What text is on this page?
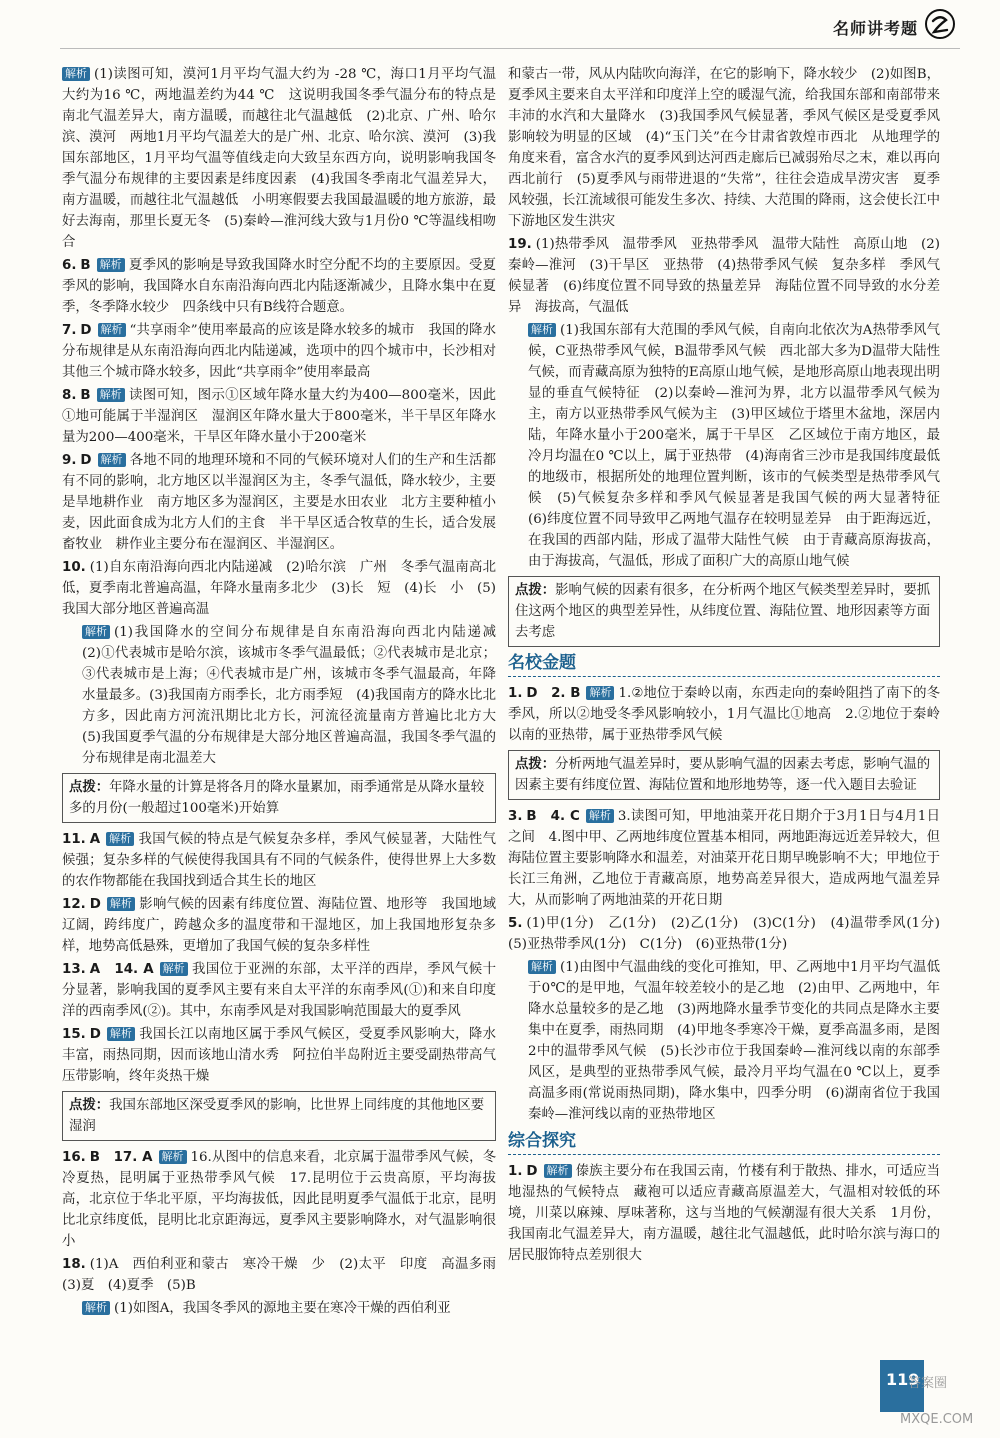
名师讲考题

解析 (1)读图可知，漠河1月平均气温大约为 -28 ℃，海口1月平均气温大约为16 ℃，两地温差约为44 ℃　这说明我国冬季气温分布的特点是南北气温差异大，南方温暖，而越往北气温越低　(2)北京、广州、哈尔滨、漠河　两地1月平均气温差大的是广州、北京、哈尔滨、漠河　(3)我国东部地区，1月平均气温等值线走向大致呈东西方向，说明影响我国冬季气温分布规律的主要因素是纬度因素　(4)我国冬季南北气温差异大，南方温暖，而越往北气温越低　小明寒假要去我国最温暖的地方旅游，最好去海南，那里长夏无冬　(5)秦岭—淮河线大致与1月份0 ℃等温线相吻合

6. B 解析 夏季风的影响是导致我国降水时空分配不均的主要原因。受夏季风的影响，我国降水自东南沿海向西北内陆逐渐减少，且降水集中在夏季，冬季降水较少　四条线中只有B线符合题意。

7. D 解析 “共享雨伞”使用率最高的应该是降水较多的城市　我国的降水分布规律是从东南沿海向西北内陆递减，选项中的四个城市中，长沙相对其他三个城市降水较多，因此“共享雨伞”使用率最高

8. B 解析 读图可知，图示①区域年降水量大约为400—800毫米，因此①地可能属于半湿润区　湿润区年降水量大于800毫米，半干旱区年降水量为200—400毫米，干旱区年降水量小于200毫米

9. D 解析 各地不同的地理环境和不同的气候环境对人们的生产和生活都有不同的影响，北方地区以半湿润区为主，冬季气温低，降水较少，主要是旱地耕作业　南方地区多为湿润区，主要是水田农业　北方主要种植小麦，因此面食成为北方人们的主食　半干旱区适合牧草的生长，适合发展畜牧业　耕作业主要分布在湿润区、半湿润区。

10. (1)自东南沿海向西北内陆递减　(2)哈尔滨　广州　冬季气温南高北低，夏季南北普遍高温，年降水量南多北少　(3)长　短　(4)长　小　(5)我国大部分地区普遍高温

解析 (1)我国降水的空间分布规律是自东南沿海向西北内陆递减　(2)①代表城市是哈尔滨，该城市冬季气温最低；②代表城市是北京；③代表城市是上海；④代表城市是广州，该城市冬季气温最高，年降水量最多。(3)我国南方雨季长，北方雨季短　(4)我国南方的降水比北方多，因此南方河流汛期比北方长，河流径流量南方普遍比北方大　(5)我国夏季气温的分布规律是大部分地区普遍高温，我国冬季气温的分布规律是南北温差大

点拨：年降水量的计算是将各月的降水量累加，雨季通常是从降水量较多的月份(一般超过100毫米)开始算

11. A 解析 我国气候的特点是气候复杂多样，季风气候显著，大陆性气候强；复杂多样的气候使得我国具有不同的气候条件，使得世界上大多数的农作物都能在我国找到适合其生长的地区

12. D 解析 影响气候的因素有纬度位置、海陆位置、地形等　我国地域辽阔，跨纬度广，跨越众多的温度带和干湿地区，加上我国地形复杂多样，地势高低悬殊，更增加了我国气候的复杂多样性

13. A　14. A 解析 我国位于亚洲的东部，太平洋的西岸，季风气候十分显著，影响我国的夏季风主要有来自太平洋的东南季风(①)和来自印度洋的西南季风(②)。其中，东南季风是对我国影响范围最大的夏季风

15. D 解析 我国长江以南地区属于季风气候区，受夏季风影响大，降水丰富，雨热同期，因而该地山清水秀　阿拉伯半岛附近主要受副热带高气压带影响，终年炎热干燥

点拨：我国东部地区深受夏季风的影响，比世界上同纬度的其他地区要湿润

16. B　17. A 解析 16.从图中的信息来看，北京属于温带季风气候，冬冷夏热，昆明属于亚热带季风气候　17.昆明位于云贵高原，平均海拔高，北京位于华北平原，平均海拔低，因此昆明夏季气温低于北京，昆明比北京纬度低，昆明比北京距海远，夏季风主要影响降水，对气温影响很小

18. (1)A　西伯利亚和蒙古　寒冷干燥　少　(2)太平　印度　高温多雨　(3)夏　(4)夏季　(5)B

解析 (1)如图A，我国冬季风的源地主要在寒冷干燥的西伯利亚

和蒙古一带，风从内陆吹向海洋，在它的影响下，降水较少　(2)如图B，夏季风主要来自太平洋和印度洋上空的暖湿气流，给我国东部和南部带来丰沛的水汽和大量降水　(3)我国季风气候显著，季风气候区是受夏季风影响较为明显的区域　(4)“玉门关”在今甘肃省敦煌市西北　从地理学的角度来看，富含水汽的夏季风到达河西走廊后已减弱殆尽之末，难以再向西北前行　(5)夏季风与雨带进退的“失常”，往往会造成旱涝灾害　夏季风较强，长江流域很可能发生多次、持续、大范围的降雨，这会使长江中下游地区发生洪灾

19. (1)热带季风　温带季风　亚热带季风　温带大陆性　高原山地　(2)秦岭—淮河　(3)干旱区　亚热带　(4)热带季风气候　复杂多样　季风气候显著　(6)纬度位置不同导致的热量差异　海陆位置不同导致的水分差异　海拔高，气温低

解析 (1)我国东部有大范围的季风气候，自南向北依次为A热带季风气候，C亚热带季风气候，B温带季风气候　西北部大多为D温带大陆性气候，而青藏高原为独特的E高原山地气候，是地形高原山地表现出明显的垂直气候特征　(2)以秦岭—淮河为界，北方以温带季风气候为主，南方以亚热带季风气候为主　(3)甲区域位于塔里木盆地，深居内陆，年降水量小于200毫米，属于干旱区　乙区域位于南方地区，最冷月均温在0 ℃以上，属于亚热带　(4)海南省三沙市是我国纬度最低的地级市，根据所处的地理位置判断，该市的气候类型是热带季风气候　(5)气候复杂多样和季风气候显著是我国气候的两大显著特征　(6)纬度位置不同导致甲乙两地气温存在较明显差异　由于距海远近，在我国的西部内陆，形成了温带大陆性气候　由于青藏高原海拔高，由于海拔高，气温低，形成了面积广大的高原山地气候

点拨：影响气候的因素有很多，在分析两个地区气候类型差异时，要抓住这两个地区的典型差异性，从纬度位置、海陆位置、地形因素等方面去考虑
名校金题

1. D　2. B 解析 1.②地位于秦岭以南，东西走向的秦岭阻挡了南下的冬季风，所以②地受冬季风影响较小，1月气温比①地高　2.②地位于秦岭以南的亚热带，属于亚热带季风气候

点拨：分析两地气温差异时，要从影响气温的因素去考虑，影响气温的因素主要有纬度位置、海陆位置和地形地势等，逐一代入题目去验证

3. B　4. C 解析 3.读图可知，甲地油菜开花日期介于3月1日与4月1日之间　4.图中甲、乙两地纬度位置基本相同，两地距海远近差异较大，但海陆位置主要影响降水和温差，对油菜开花日期早晚影响不大；甲地位于长江三角洲，乙地位于青藏高原，地势高差异很大，造成两地气温差异大，从而影响了两地油菜的开花日期

5. (1)甲(1分)　乙(1分)　(2)乙(1分)　(3)C(1分)　(4)温带季风(1分)　(5)亚热带季风(1分)　C(1分)　(6)亚热带(1分)

解析 (1)由图中气温曲线的变化可推知，甲、乙两地中1月平均气温低于0℃的是甲地，气温年较差较小的是乙地　(2)由甲、乙两地中，年降水总量较多的是乙地　(3)两地降水量季节变化的共同点是降水主要集中在夏季，雨热同期　(4)甲地冬季寒冷干燥，夏季高温多雨，是图2中的温带季风气候　(5)长沙市位于我国秦岭—淮河线以南的东部季风区，是典型的亚热带季风气候，最冷月平均气温在0 ℃以上，夏季高温多雨(常说雨热同期)，降水集中，四季分明　(6)湖南省位于我国秦岭—淮河线以南的亚热带地区

综合探究

1. D 解析 傣族主要分布在我国云南，竹楼有利于散热、排水，可适应当地湿热的气候特点　藏袍可以适应青藏高原温差大，气温相对较低的环境，川菜以麻辣、厚味著称，这与当地的气候潮湿有很大关系　1月份，我国南北气温差异大，南方温暖，越往北气温越低，此时哈尔滨与海口的居民服饰特点差别很大

119
答案圈
MXQE.COM
